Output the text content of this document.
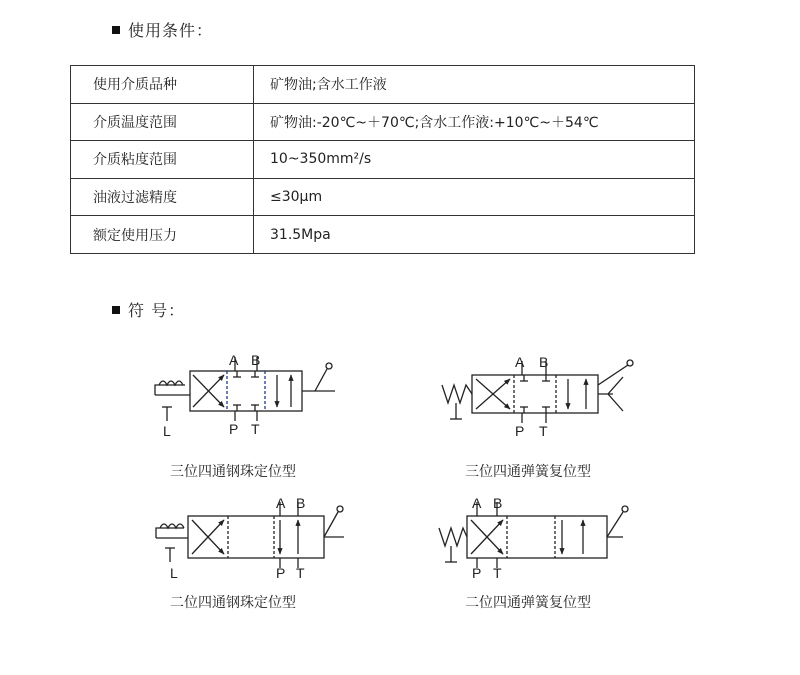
使用条件：
使用介质品种	矿物油;含水工作液
介质温度范围	矿物油:-20℃~＋70℃;含水工作液:+10℃~＋54℃
介质粘度范围	10~350mm²/s
油液过滤精度	≤30μm
额定使用压力	31.5Mpa
符 号：
A B
P T
L
三位四通钢珠定位型
A B
P T
三位四通弹簧复位型
A B
P T
L
二位四通钢珠定位型
A B
P T
二位四通弹簧复位型
